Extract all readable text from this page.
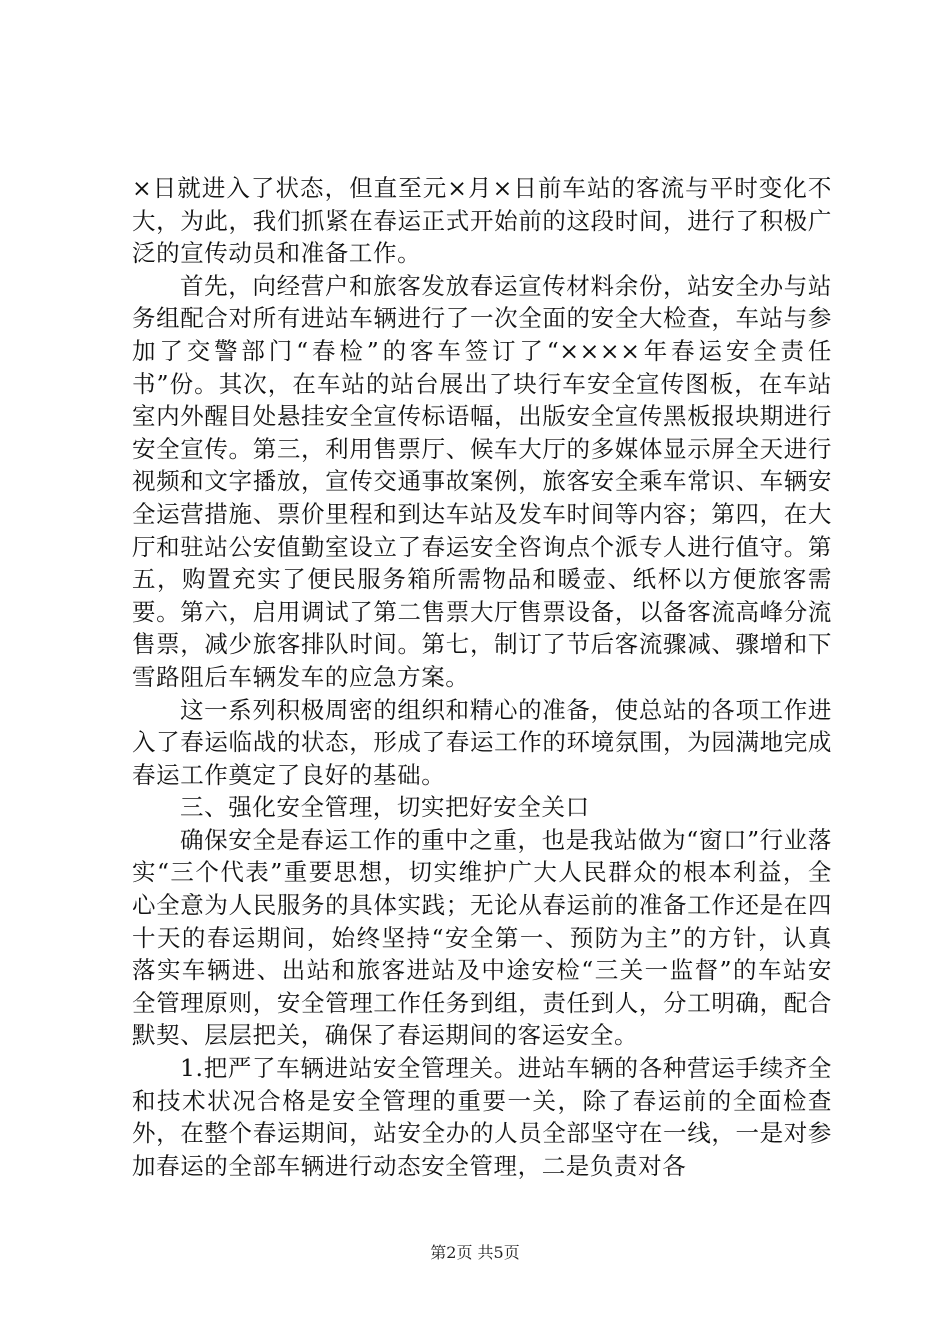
×日就进入了状态，但直至元×月×日前车站的客流与平时变化不大，为此，我们抓紧在春运正式开始前的这段时间，进行了积极广泛的宣传动员和准备工作。

首先，向经营户和旅客发放春运宣传材料余份，站安全办与站务组配合对所有进站车辆进行了一次全面的安全大检查，车站与参加了交警部门“春检”的客车签订了“××××年春运安全责任书”份。其次，在车站的站台展出了块行车安全宣传图板，在车站室内外醒目处悬挂安全宣传标语幅，出版安全宣传黑板报块期进行安全宣传。第三，利用售票厅、候车大厅的多媒体显示屏全天进行视频和文字播放，宣传交通事故案例，旅客安全乘车常识、车辆安全运营措施、票价里程和到达车站及发车时间等内容；第四，在大厅和驻站公安值勤室设立了春运安全咨询点个派专人进行值守。第五，购置充实了便民服务箱所需物品和暖壶、纸杯以方便旅客需要。第六，启用调试了第二售票大厅售票设备，以备客流高峰分流售票，减少旅客排队时间。第七，制订了节后客流骤减、骤增和下雪路阻后车辆发车的应急方案。

这一系列积极周密的组织和精心的准备，使总站的各项工作进入了春运临战的状态，形成了春运工作的环境氛围，为园满地完成春运工作奠定了良好的基础。

三、强化安全管理，切实把好安全关口

确保安全是春运工作的重中之重，也是我站做为“窗口”行业落实“三个代表”重要思想，切实维护广大人民群众的根本利益，全心全意为人民服务的具体实践；无论从春运前的准备工作还是在四十天的春运期间，始终坚持“安全第一、预防为主”的方针，认真落实车辆进、出站和旅客进站及中途安检“三关一监督”的车站安全管理原则，安全管理工作任务到组，责任到人，分工明确，配合默契、层层把关，确保了春运期间的客运安全。

1.把严了车辆进站安全管理关。进站车辆的各种营运手续齐全和技术状况合格是安全管理的重要一关，除了春运前的全面检查外，在整个春运期间，站安全办的人员全部坚守在一线，一是对参加春运的全部车辆进行动态安全管理，二是负责对各

第2页 共5页
